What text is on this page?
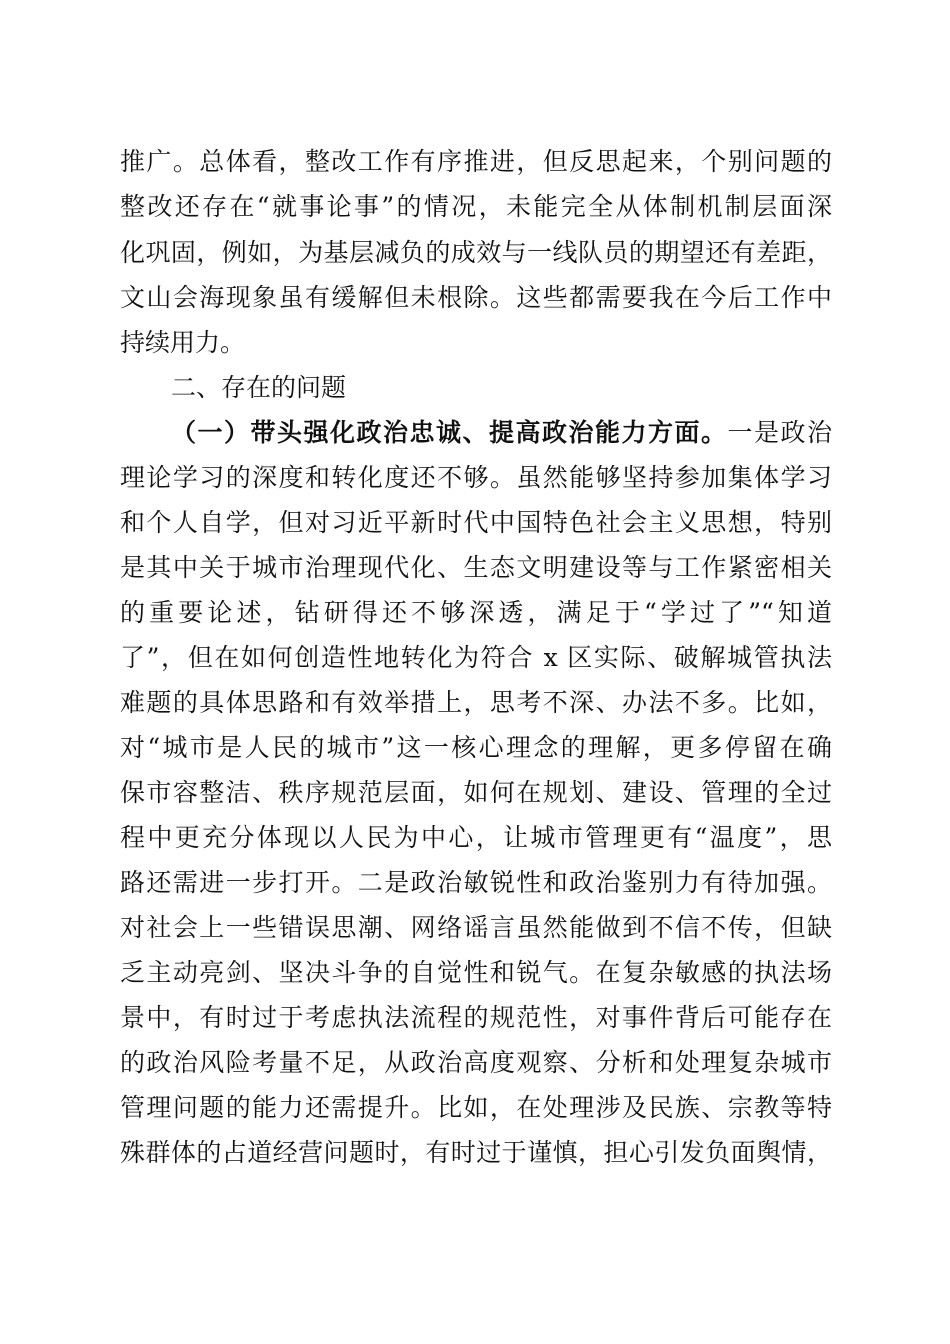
推广。总体看，整改工作有序推进，但反思起来，个别问题的
整改还存在“就事论事”的情况，未能完全从体制机制层面深
化巩固，例如，为基层减负的成效与一线队员的期望还有差距，
文山会海现象虽有缓解但未根除。这些都需要我在今后工作中
持续用力。
二、存在的问题
（一）带头强化政治忠诚、提高政治能力方面。一是政治
理论学习的深度和转化度还不够。虽然能够坚持参加集体学习
和个人自学，但对习近平新时代中国特色社会主义思想，特别
是其中关于城市治理现代化、生态文明建设等与工作紧密相关
的重要论述，钻研得还不够深透，满足于“学过了”“知道
了”，但在如何创造性地转化为符合 x 区实际、破解城管执法
难题的具体思路和有效举措上，思考不深、办法不多。比如，
对“城市是人民的城市”这一核心理念的理解，更多停留在确
保市容整洁、秩序规范层面，如何在规划、建设、管理的全过
程中更充分体现以人民为中心，让城市管理更有“温度”，思
路还需进一步打开。二是政治敏锐性和政治鉴别力有待加强。
对社会上一些错误思潮、网络谣言虽然能做到不信不传，但缺
乏主动亮剑、坚决斗争的自觉性和锐气。在复杂敏感的执法场
景中，有时过于考虑执法流程的规范性，对事件背后可能存在
的政治风险考量不足，从政治高度观察、分析和处理复杂城市
管理问题的能力还需提升。比如，在处理涉及民族、宗教等特
殊群体的占道经营问题时，有时过于谨慎，担心引发负面舆情，
